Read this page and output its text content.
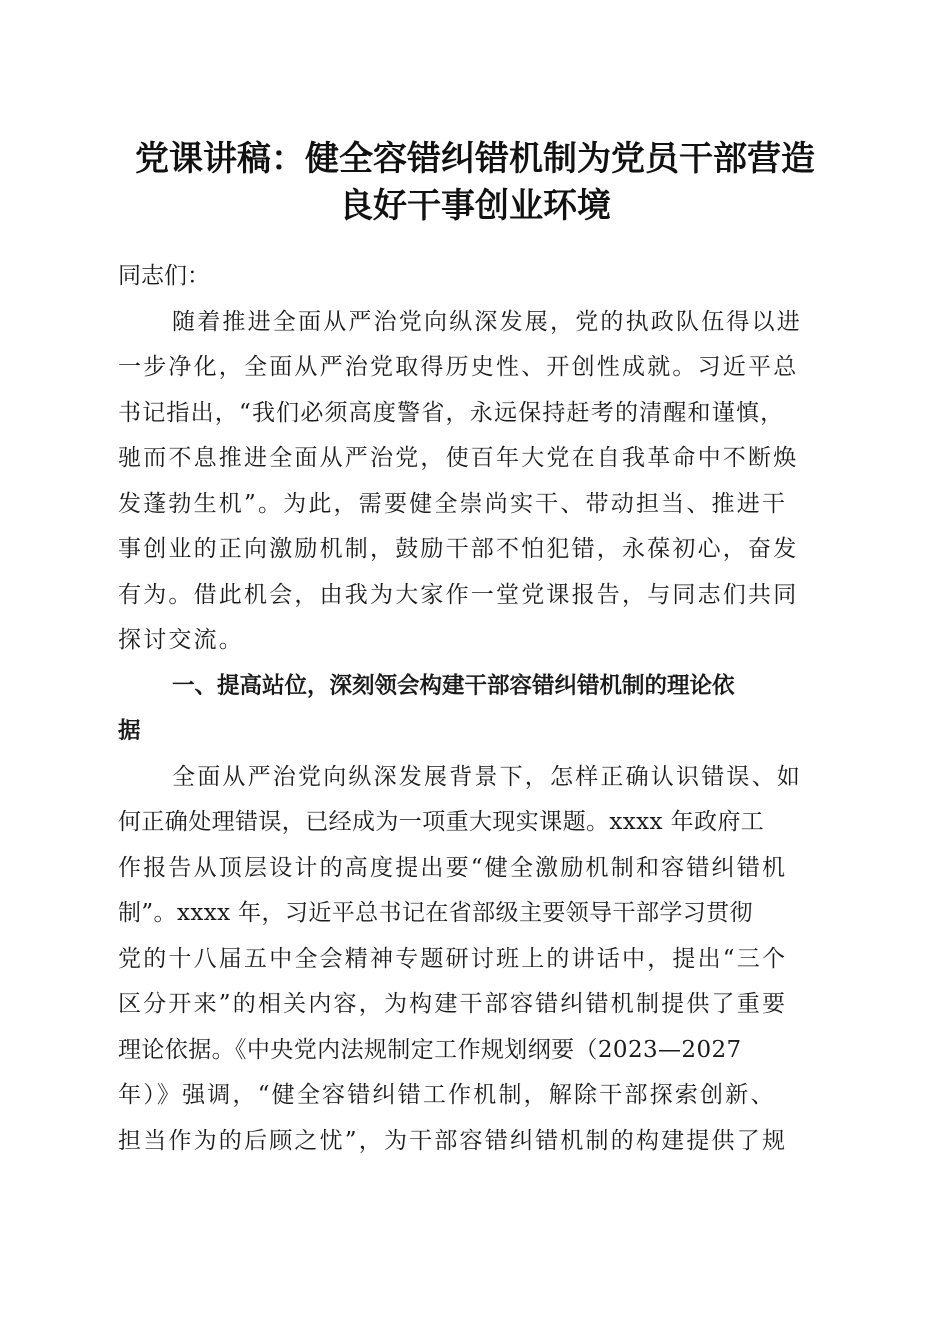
党课讲稿：健全容错纠错机制为党员干部营造
良好干事创业环境
同志们：
随着推进全面从严治党向纵深发展，党的执政队伍得以进
一步净化，全面从严治党取得历史性、开创性成就。习近平总
书记指出，“我们必须高度警省，永远保持赶考的清醒和谨慎，
驰而不息推进全面从严治党，使百年大党在自我革命中不断焕
发蓬勃生机”。为此，需要健全崇尚实干、带动担当、推进干
事创业的正向激励机制，鼓励干部不怕犯错，永葆初心，奋发
有为。借此机会，由我为大家作一堂党课报告，与同志们共同
探讨交流。
一、提高站位，深刻领会构建干部容错纠错机制的理论依
据
全面从严治党向纵深发展背景下，怎样正确认识错误、如
何正确处理错误，已经成为一项重大现实课题。xxxx 年政府工
作报告从顶层设计的高度提出要“健全激励机制和容错纠错机
制”。xxxx 年，习近平总书记在省部级主要领导干部学习贯彻
党的十八届五中全会精神专题研讨班上的讲话中，提出“三个
区分开来”的相关内容，为构建干部容错纠错机制提供了重要
理论依据。《中央党内法规制定工作规划纲要（2023—2027
年）》强调，“健全容错纠错工作机制，解除干部探索创新、
担当作为的后顾之忧”，为干部容错纠错机制的构建提供了规
